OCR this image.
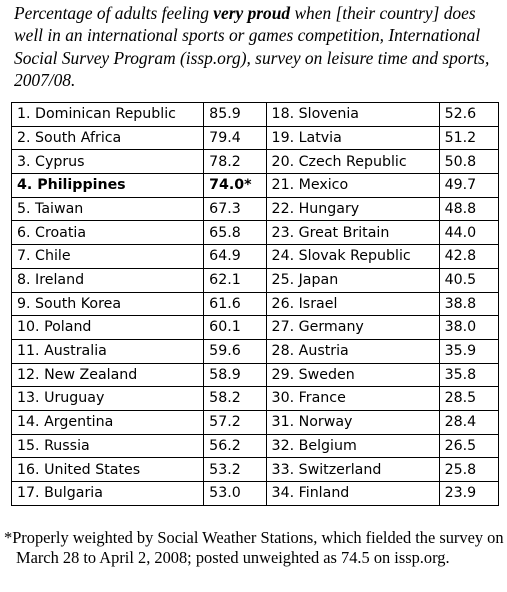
Percentage of adults feeling very proud when [their country] does well in an international sports or games competition, International Social Survey Program (issp.org), survey on leisure time and sports, 2007/08.

1. Dominican Republic	85.9	18. Slovenia	52.6
2. South Africa	79.4	19. Latvia	51.2
3. Cyprus	78.2	20. Czech Republic	50.8
4. Philippines	74.0*	21. Mexico	49.7
5. Taiwan	67.3	22. Hungary	48.8
6. Croatia	65.8	23. Great Britain	44.0
7. Chile	64.9	24. Slovak Republic	42.8
8. Ireland	62.1	25. Japan	40.5
9. South Korea	61.6	26. Israel	38.8
10. Poland	60.1	27. Germany	38.0
11. Australia	59.6	28. Austria	35.9
12. New Zealand	58.9	29. Sweden	35.8
13. Uruguay	58.2	30. France	28.5
14. Argentina	57.2	31. Norway	28.4
15. Russia	56.2	32. Belgium	26.5
16. United States	53.2	33. Switzerland	25.8
17. Bulgaria	53.0	34. Finland	23.9

*Properly weighted by Social Weather Stations, which fielded the survey on March 28 to April 2, 2008; posted unweighted as 74.5 on issp.org.
